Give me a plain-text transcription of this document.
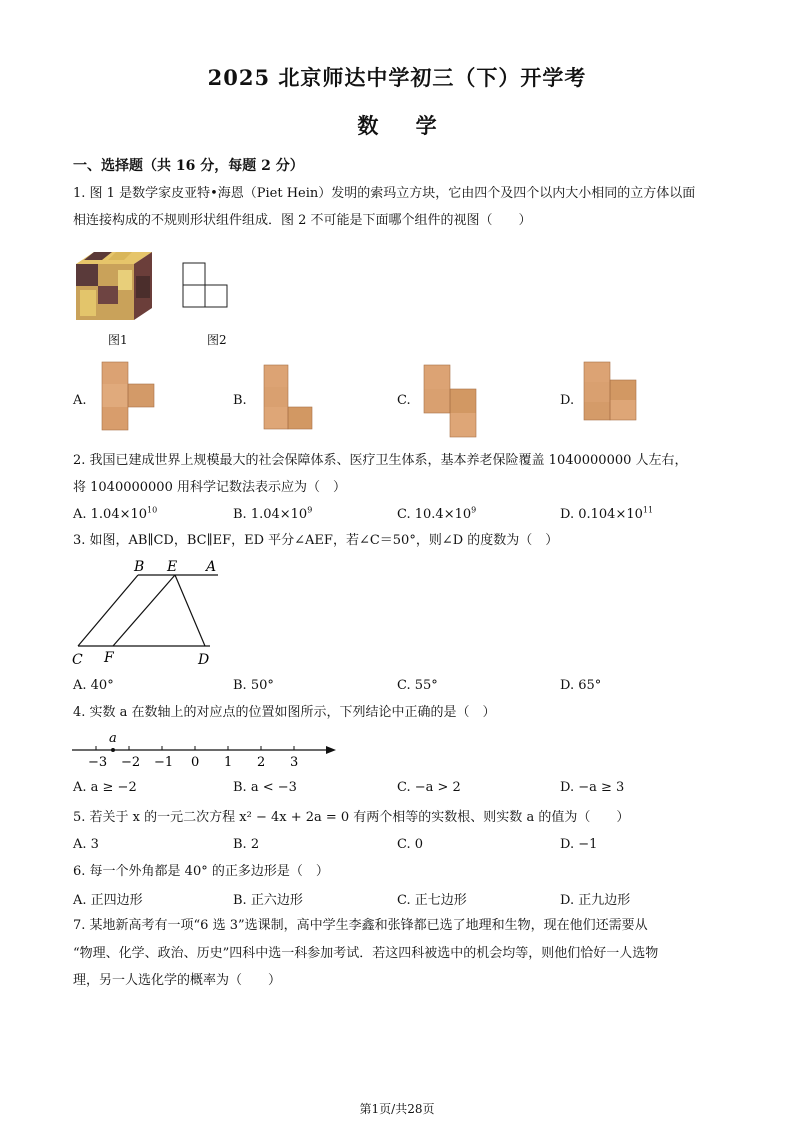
2025 北京师达中学初三（下）开学考
数 学
一、选择题（共 16 分，每题 2 分）
1. 图 1 是数学家皮亚特•海恩（Piet Hein）发明的索玛立方块，它由四个及四个以内大小相同的立方体以面
相连接构成的不规则形状组件组成．图 2 不可能是下面哪个组件的视图（　　）
图1	图2
A.	B.	C.	D.
2. 我国已建成世界上规模最大的社会保障体系、医疗卫生体系，基本养老保险覆盖 1040000000 人左右，
将 1040000000 用科学记数法表示应为（　）
A. $1.04\times 10^{10}$	B. $1.04\times 10^9$	C. $10.4\times 10^9$	D. $0.104\times 10^{11}$
3. 如图，AB∥CD，BC∥EF，ED 平分∠AEF，若∠C＝50°，则∠D 的度数为（　）
B E A
C F	D
A. 40°	B. 50°	C. 55°	D. 65°
4. 实数 a 在数轴上的对应点的位置如图所示，下列结论中正确的是（　）
a
−3 −2 −1 0 1 2 3
A. a ≥ −2	B. a < −3	C. −a > 2	D. −a ≥ 3
5. 若关于 x 的一元二次方程 x² − 4x + 2a = 0 有两个相等的实数根、则实数 a 的值为（　　）
A. 3	B. 2	C. 0	D. −1
6. 每一个外角都是 40° 的正多边形是（　）
A. 正四边形	B. 正六边形	C. 正七边形	D. 正九边形
7. 某地新高考有一项“6 选 3”选课制，高中学生李鑫和张锋都已选了地理和生物，现在他们还需要从
“物理、化学、政治、历史”四科中选一科参加考试．若这四科被选中的机会均等，则他们恰好一人选物
理，另一人选化学的概率为（　　）
第1页/共28页
